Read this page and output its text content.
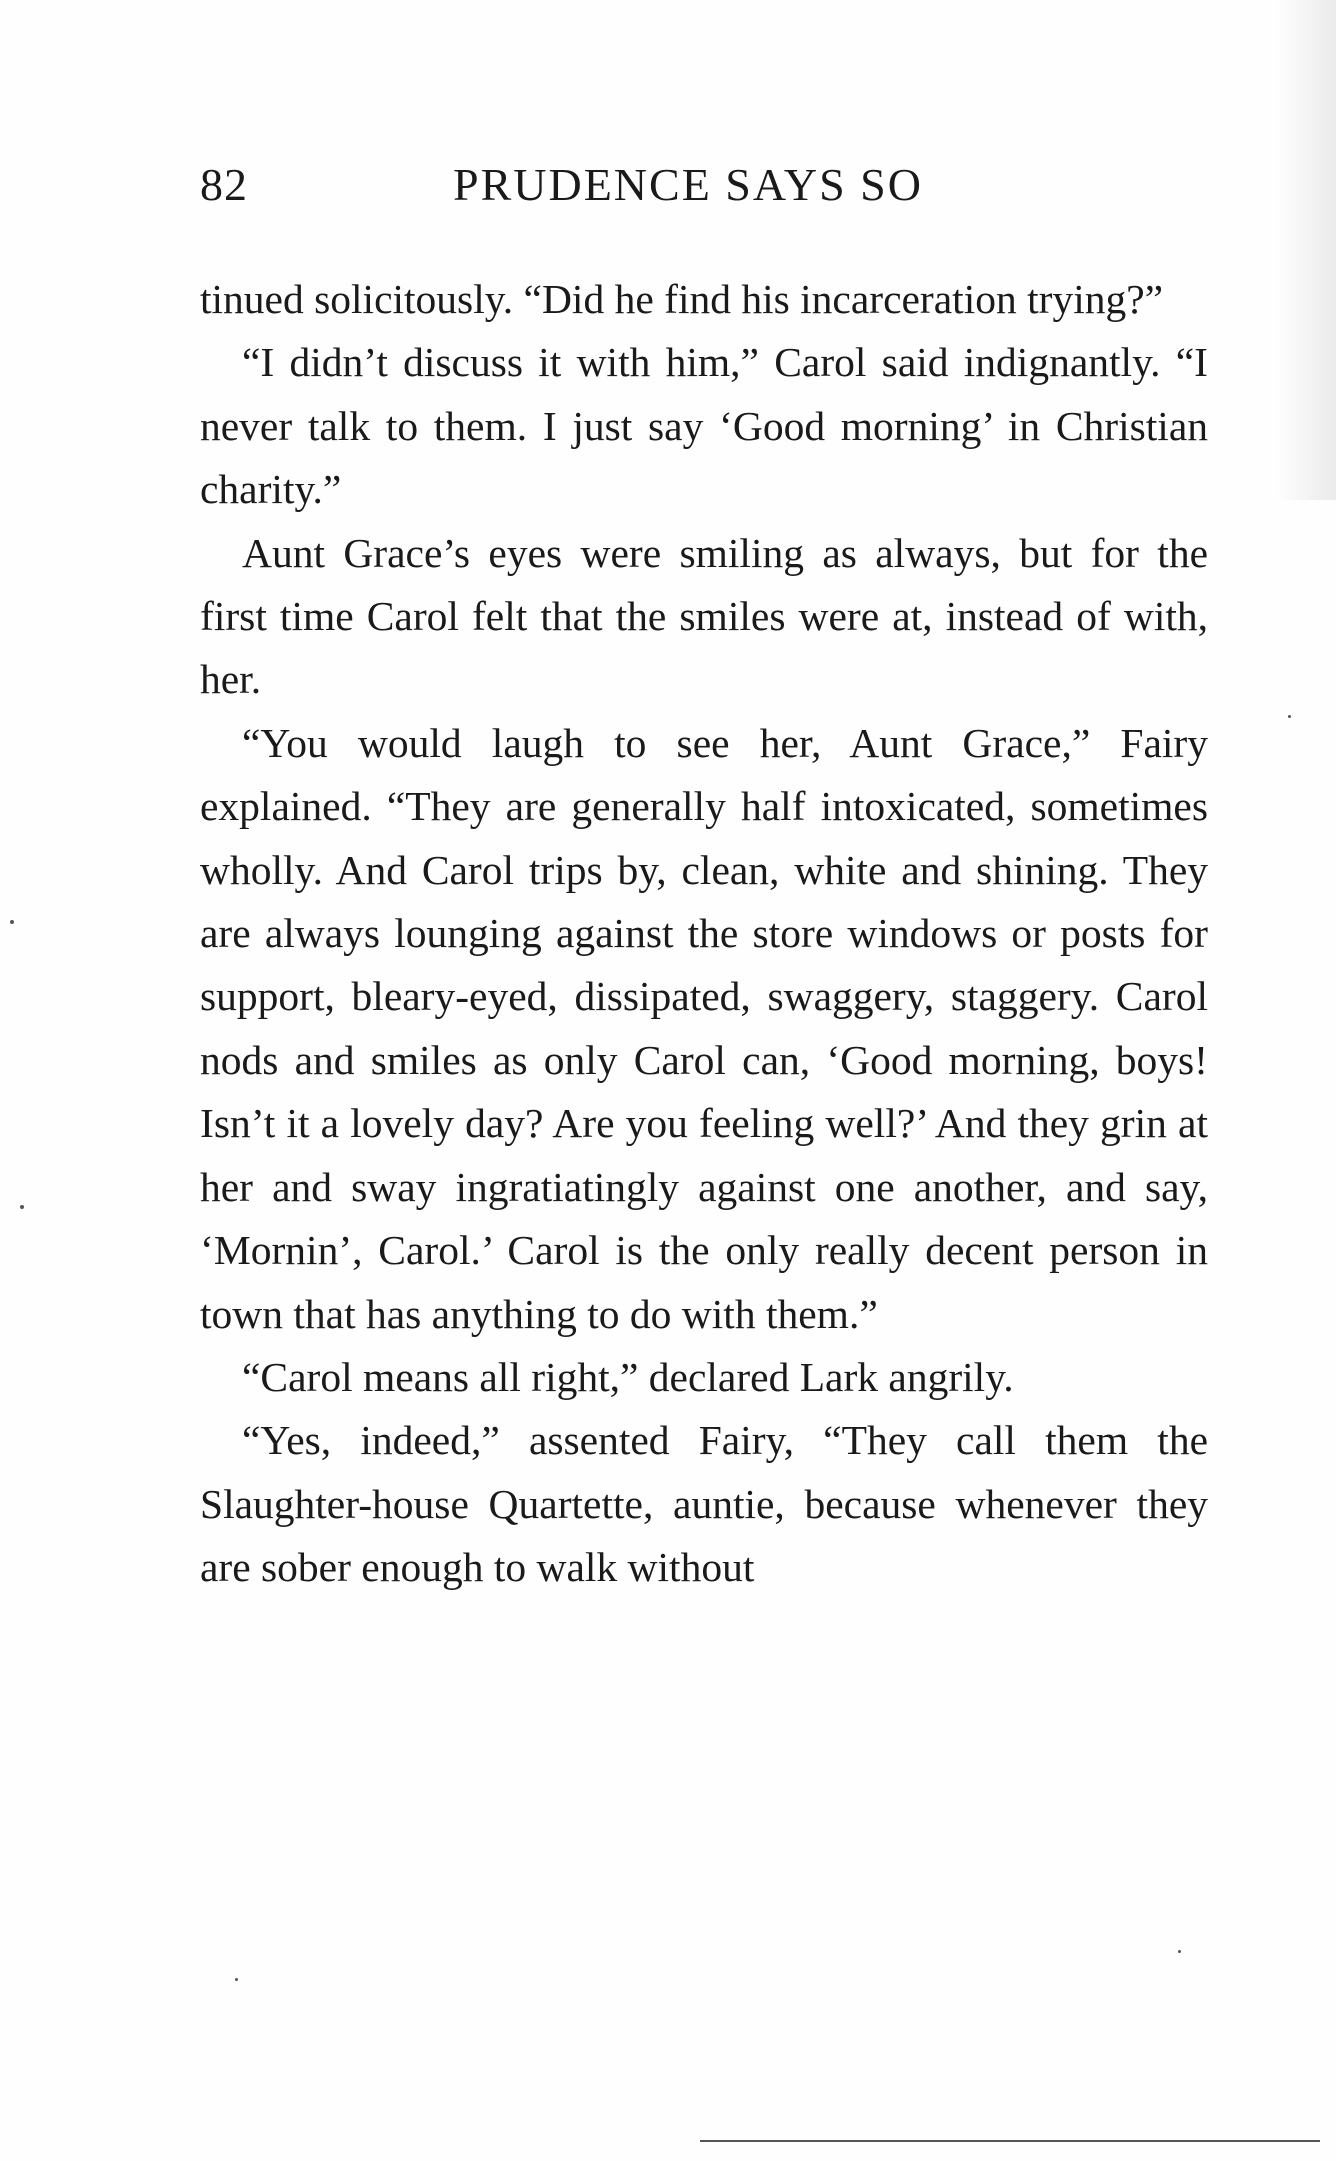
82	PRUDENCE SAYS SO

tinued solicitously. “Did he find his incarceration trying?”

“I didn’t discuss it with him,” Carol said indignantly. “I never talk to them. I just say ‘Good morning’ in Christian charity.”

Aunt Grace’s eyes were smiling as always, but for the first time Carol felt that the smiles were at, instead of with, her.

“You would laugh to see her, Aunt Grace,” Fairy explained. “They are generally half intoxicated, sometimes wholly. And Carol trips by, clean, white and shining. They are always lounging against the store windows or posts for support, bleary-eyed, dissipated, swaggery, staggery. Carol nods and smiles as only Carol can, ‘Good morning, boys! Isn’t it a lovely day? Are you feeling well?’ And they grin at her and sway ingratiatingly against one another, and say, ‘Mornin’, Carol.’ Carol is the only really decent person in town that has anything to do with them.”

“Carol means all right,” declared Lark angrily.

“Yes, indeed,” assented Fairy, “They call them the Slaughter-house Quartette, auntie, because whenever they are sober enough to walk without
